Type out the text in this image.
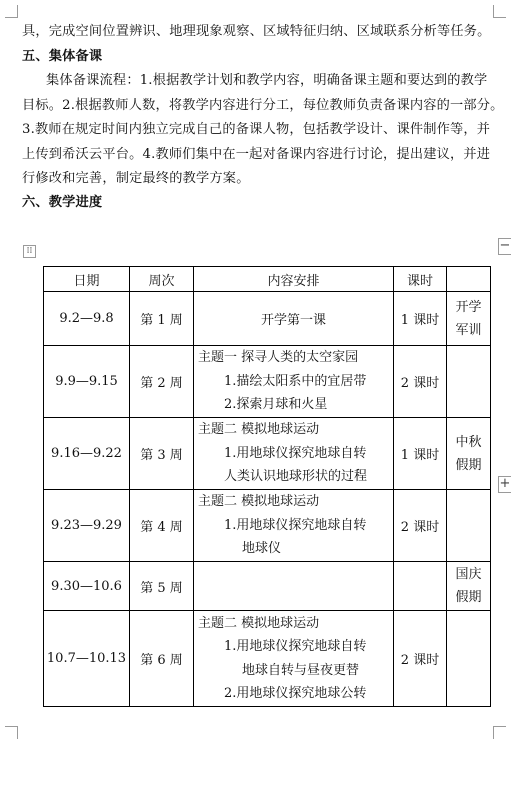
具，完成空间位置辨识、地理现象观察、区域特征归纳、区域联系分析等任务。
五、集体备课
集体备课流程：1.根据教学计划和教学内容，明确备课主题和要达到的教学
目标。2.根据教师人数，将教学内容进行分工，每位教师负责备课内容的一部分。
3.教师在规定时间内独立完成自己的备课人物，包括教学设计、课件制作等，并
上传到希沃云平台。4.教师们集中在一起对备课内容进行讨论，提出建议，并进
行修改和完善，制定最终的教学方案。
六、教学进度
⁞⁞	−
+
日期	周次	内容安排	课时	
9.2—9.8	第 1 周	开学第一课	1 课时	开学
军训

9.9—9.15	第 2 周	主题一 探寻人类的太空家园
1.描绘太阳系中的宜居带
2.探索月球和火星	2 课时	
9.16—9.22	第 3 周	主题二 模拟地球运动
1.用地球仪探究地球自转
人类认识地球形状的过程	1 课时	中秋
假期

9.23—9.29	第 4 周	主题二 模拟地球运动
1.用地球仪探究地球自转
地球仪	2 课时	
9.30—10.6	第 5 周			国庆
假期

10.7—10.13	第 6 周	主题二 模拟地球运动
1.用地球仪探究地球自转
地球自转与昼夜更替
2.用地球仪探究地球公转	2 课时	
